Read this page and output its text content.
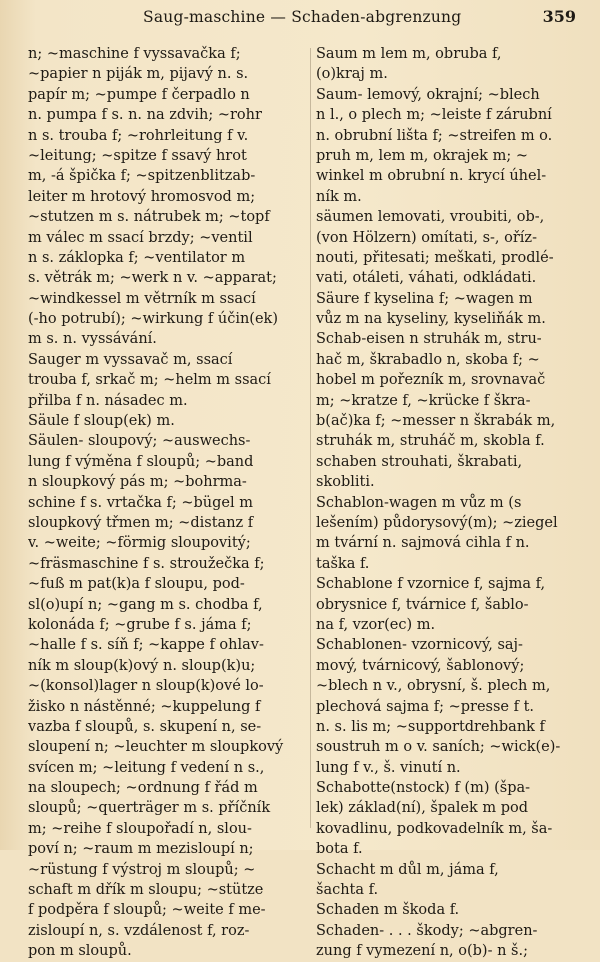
Saug-maschine — Schaden-abgrenzung	359
n; ~maschine f vyssavačka f;
~papier n piják m, pijavý n. s.
papír m; ~pumpe f čerpadlo n
n. pumpa f s. n. na zdvih; ~rohr
n s. trouba f; ~rohrleitung f v.
~leitung; ~spitze f ssavý hrot
m, -á špička f; ~spitzenblitzab-
leiter m hrotový hromosvod m;
~stutzen m s. nátrubek m; ~topf
m válec m ssací brzdy; ~ventil
n s. záklopka f; ~ventilator m
s. větrák m; ~werk n v. ~apparat;
~windkessel m větrník m ssací
(-ho potrubí); ~wirkung f účin(ek)
m s. n. vyssávání.
Sauger m vyssavač m, ssací
trouba f, srkač m; ~helm m ssací
přilba f n. násadec m.
Säule f sloup(ek) m.
Säulen- sloupový; ~auswechs-
lung f výměna f sloupů; ~band
n sloupkový pás m; ~bohrma-
schine f s. vrtačka f; ~bügel m
sloupkový třmen m; ~distanz f
v. ~weite; ~förmig sloupovitý;
~fräsmaschine f s. stroužečka f;
~fuß m pat(k)a f sloupu, pod-
sl(o)upí n; ~gang m s. chodba f,
kolonáda f; ~grube f s. jáma f;
~halle f s. síň f; ~kappe f ohlav-
ník m sloup(k)ový n. sloup(k)u;
~(konsol)lager n sloup(k)ové lo-
žisko n nástěnné; ~kuppelung f
vazba f sloupů, s. skupení n, se-
sloupení n; ~leuchter m sloupkový
svícen m; ~leitung f vedení n s.,
na sloupech; ~ordnung f řád m
sloupů; ~querträger m s. příčník
m; ~reihe f sloupořadí n, slou-
poví n; ~raum m mezisloupí n;
~rüstung f výstroj m sloupů; ~
schaft m dřík m sloupu; ~stütze
f podpěra f sloupů; ~weite f me-
zisloupí n, s. vzdálenost f, roz-
pon m sloupů.
Saum m lem m, obruba f,
(o)kraj m.
Saum- lemový, okrajní; ~blech
n l., o plech m; ~leiste f zárubní
n. obrubní lišta f; ~streifen m o.
pruh m, lem m, okrajek m; ~
winkel m obrubní n. krycí úhel-
ník m.
säumen lemovati, vroubiti, ob-,
(von Hölzern) omítati, s-, oříz-
nouti, přitesati; meškati, prodlé-
vati, otáleti, váhati, odkládati.
Säure f kyselina f; ~wagen m
vůz m na kyseliny, kyseliňák m.
Schab-eisen n struhák m, stru-
hač m, škrabadlo n, skoba f; ~
hobel m pořezník m, srovnavač
m; ~kratze f, ~krücke f škra-
b(ač)ka f; ~messer n škrabák m,
struhák m, struháč m, skobla f.
schaben strouhati, škrabati,
skobliti.
Schablon-wagen m vůz m (s
lešením) půdorysový(m); ~ziegel
m tvární n. sajmová cihla f n.
taška f.
Schablone f vzornice f, sajma f,
obrysnice f, tvárnice f, šablo-
na f, vzor(ec) m.
Schablonen- vzornicový, saj-
mový, tvárnicový, šablonový;
~blech n v., obrysní, š. plech m,
plechová sajma f; ~presse f t.
n. s. lis m; ~supportdrehbank f
soustruh m o v. saních; ~wick(e)-
lung f v., š. vinutí n.
Schabotte(nstock) f (m) (špa-
lek) základ(ní), špalek m pod
kovadlinu, podkovadelník m, ša-
bota f.
Schacht m důl m, jáma f,
šachta f.
Schaden m škoda f.
Schaden- . . . škody; ~abgren-
zung f vymezení n, o(b)- n š.;
